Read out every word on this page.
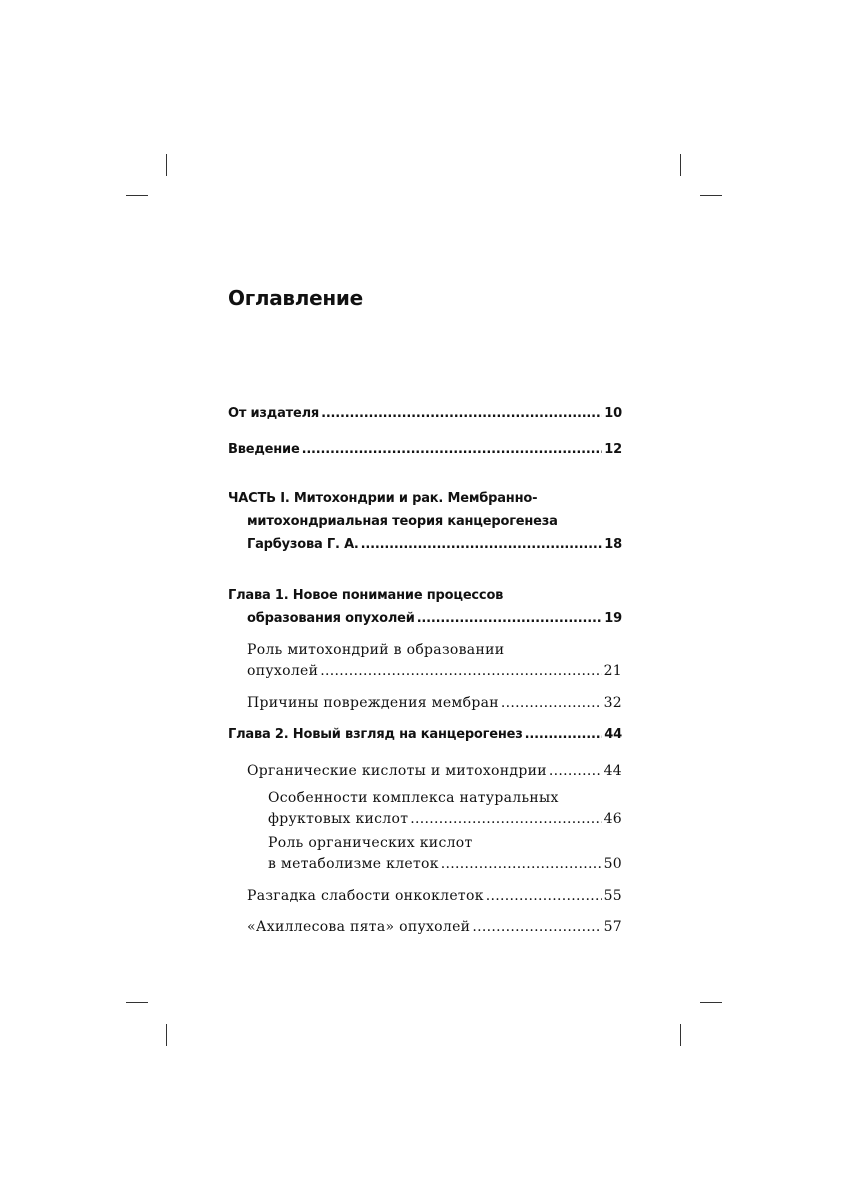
Оглавление
От издателя .....	10
Введение .....	12
ЧАСТЬ I. Митохондрии и рак. Мембранно-
митохондриальная теория канцерогенеза
Гарбузова Г. А. .....	18
Глава 1. Новое понимание процессов
образования опухолей .....	19
Роль митохондрий в образовании
опухолей .....	21
Причины повреждения мембран .....	32
Глава 2. Новый взгляд на канцерогенез .....	44
Органические кислоты и митохондрии .....	44
Особенности комплекса натуральных
фруктовых кислот .....	46
Роль органических кислот
в метаболизме клеток .....	50
Разгадка слабости онкоклеток .....	55
«Ахиллесова пята» опухолей .....	57
